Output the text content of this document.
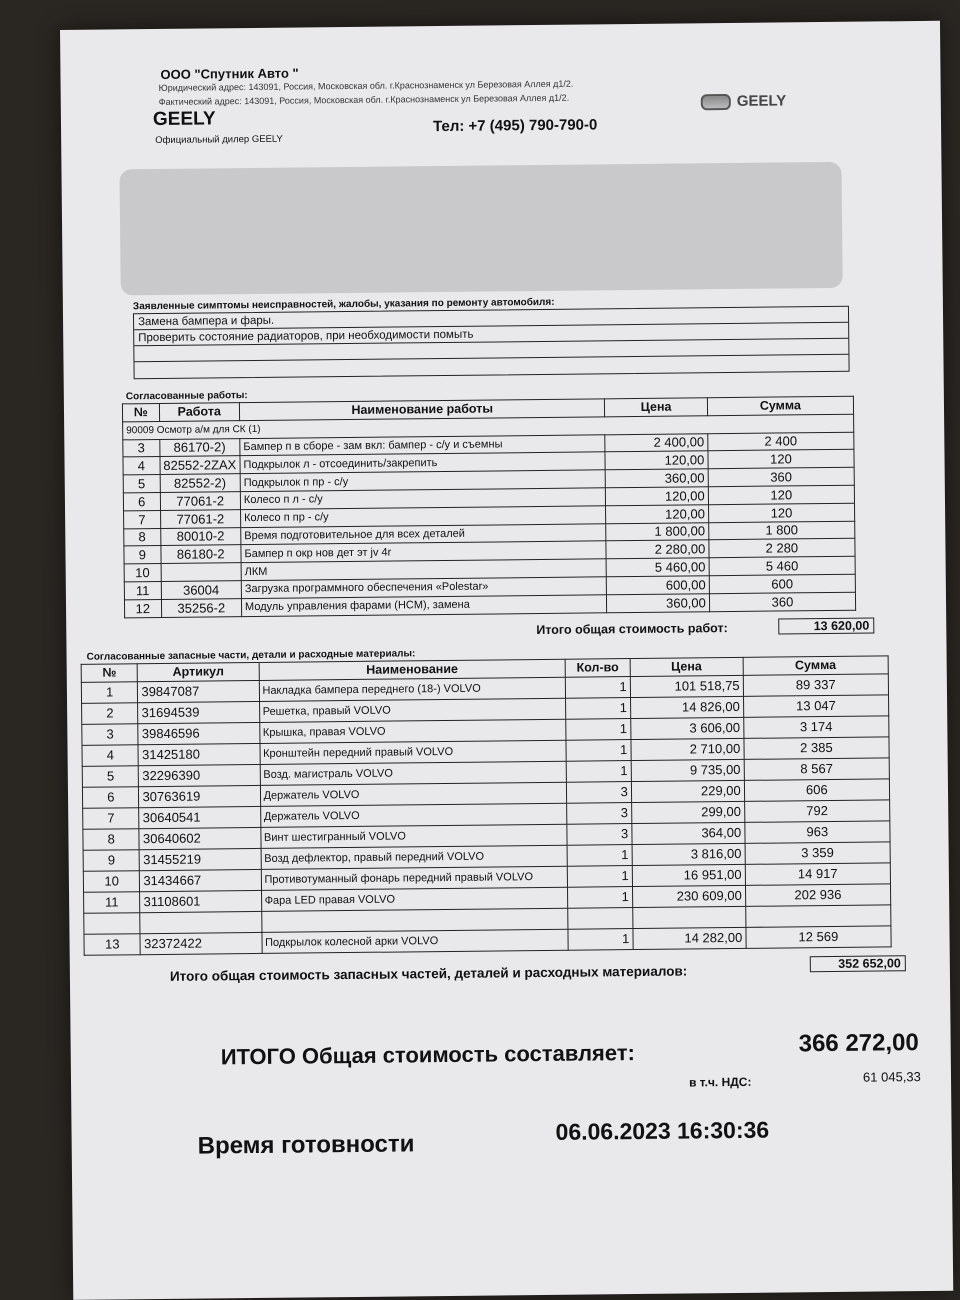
ООО "Спутник Авто "
Юридический адрес: 143091, Россия, Московская обл. г.Краснознаменск ул Березовая Аллея д1/2.
Фактический адрес: 143091, Россия, Московская обл. г.Краснознаменск ул Березовая Аллея д1/2.
GEELY
Официальный дилер GEELY
Тел: +7 (495) 790-790-0
GEELY
Заявленные симптомы неисправностей, жалобы, указания по ремонту автомобиля:
Замена бампера и фары.
Проверить состояние радиаторов, при необходимости помыть
Согласованные работы:
№	Работа	Наименование работы	Цена	Сумма
90009 Осмотр а/м для СК (1)				
3	86170-2)	Бампер п в сборе - зам вкл: бампер - с/у и съемны	2 400,00	2 400
4	82552-2ZAX	Подкрылок л - отсоединить/закрепить	120,00	120
5	82552-2)	Подкрылок п пр - с/у	360,00	360
6	77061-2	Колесо п л - с/у	120,00	120
7	77061-2	Колесо п пр - с/у	120,00	120
8	80010-2	Время подготовительное для всех деталей	1 800,00	1 800
9	86180-2	Бампер п окр нов дет эт jv 4r	2 280,00	2 280
10		ЛКМ	5 460,00	5 460
11	36004	Загрузка программного обеспечения «Polestar»	600,00	600
12	35256-2	Модуль управления фарами (HCM), замена	360,00	360
Итого общая стоимость работ:	13 620,00
Согласованные запасные части, детали и расходные материалы:
№	Артикул	Наименование	Кол-во	Цена	Сумма
1	39847087	Накладка бампера переднего (18-) VOLVO	1	101 518,75	89 337
2	31694539	Решетка, правый VOLVO	1	14 826,00	13 047
3	39846596	Крышка, правая VOLVO	1	3 606,00	3 174
4	31425180	Кронштейн передний правый VOLVO	1	2 710,00	2 385
5	32296390	Возд. магистраль VOLVO	1	9 735,00	8 567
6	30763619	Держатель VOLVO	3	229,00	606
7	30640541	Держатель VOLVO	3	299,00	792
8	30640602	Винт шестигранный VOLVO	3	364,00	963
9	31455219	Возд дефлектор, правый передний VOLVO	1	3 816,00	3 359
10	31434667	Противотуманный фонарь передний правый VOLVO	1	16 951,00	14 917
11	31108601	Фара LED правая VOLVO	1	230 609,00	202 936

13	32372422	Подкрылок колесной арки VOLVO	1	14 282,00	12 569
Итого общая стоимость запасных частей, деталей и расходных материалов:	352 652,00
ИТОГО Общая стоимость составляет:	366 272,00
в т.ч. НДС:	61 045,33
Время готовности	06.06.2023 16:30:36
